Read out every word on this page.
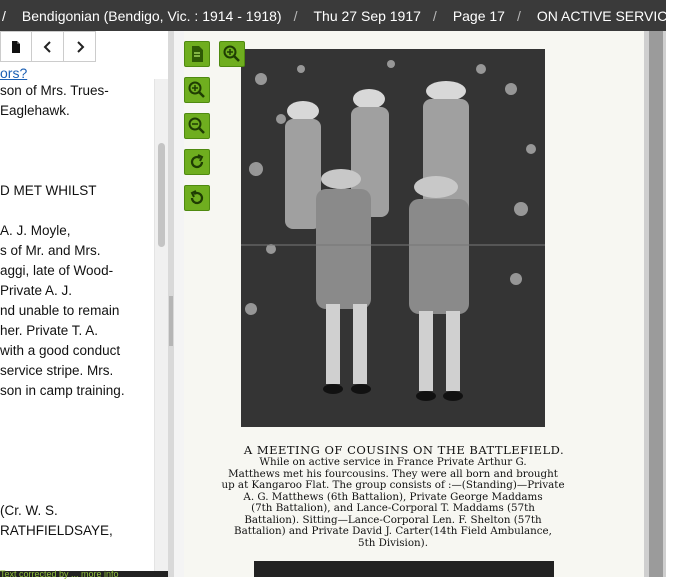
/	Bendigonian (Bendigo, Vic. : 1914 - 1918) /	Thu 27 Sep 1917 /	Page 17 /	ON ACTIVE SERVICE.
ors?
son of Mrs. Trues-
Eaglehawk.
D MET WHILST
A. J. Moyle,
s of Mr. and Mrs.
aggi, late of Wood-
Private A. J.
nd unable to remain
her. Private T. A.
with a good conduct
service stripe. Mrs.
son in camp training.
(Cr. W. S.
RATHFIELDSAYE,
Text corrected by ... more info
A MEETING OF COUSINS ON THE BATTLEFIELD.
While on active service in France Private Arthur G.
Matthews met his fourcousins. They were all born and brought
up at Kangaroo Flat. The group consists of :—(Standing)—Private
A. G. Matthews (6th Battalion), Private George Maddams
(7th Battalion), and Lance-Corporal T. Maddams (57th
Battalion). Sitting—Lance-Corporal Len. F. Shelton (57th
Battalion) and Private David J. Carter(14th Field Ambulance,
5th Division).
